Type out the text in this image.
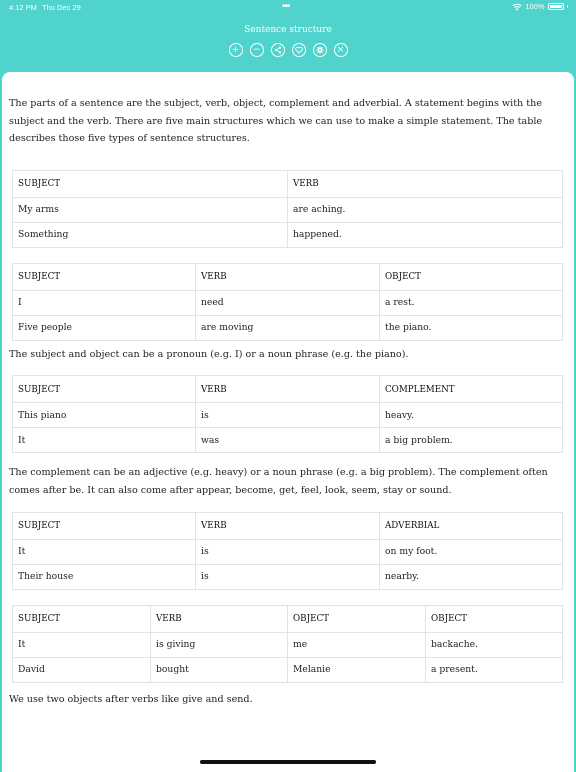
4:12 PM Thu Dec 29	•••	100%
Sentence structure
+ −	×

The parts of a sentence are the subject, verb, object, complement and adverbial. A statement begins with the subject and the verb. There are five main structures which we can use to make a simple statement. The table describes those five types of sentence structures.

SUBJECT	VERB
My arms	are aching.
Something	happened.
SUBJECT	VERB	OBJECT
I	need	a rest.
Five people	are moving	the piano.

The subject and object can be a pronoun (e.g. I) or a noun phrase (e.g. the piano).

SUBJECT	VERB	COMPLEMENT
This piano	is	heavy.
It	was	a big problem.

The complement can be an adjective (e.g. heavy) or a noun phrase (e.g. a big problem). The complement often comes after be. It can also come after appear, become, get, feel, look, seem, stay or sound.

SUBJECT	VERB	ADVERBIAL
It	is	on my foot.
Their house	is	nearby.
SUBJECT	VERB	OBJECT	OBJECT
It	is giving	me	backache.
David	bought	Melanie	a present.

We use two objects after verbs like give and send.
